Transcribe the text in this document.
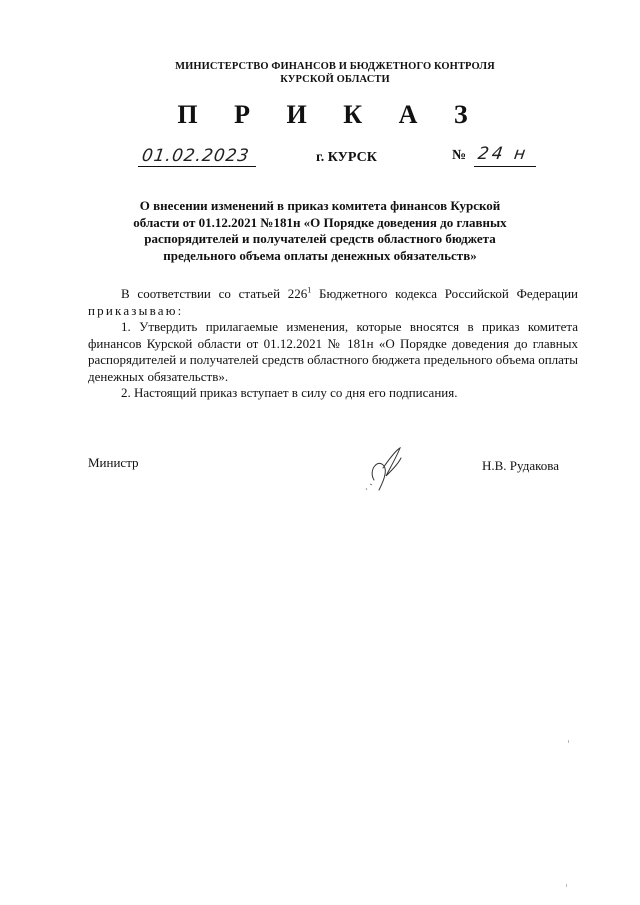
МИНИСТЕРСТВО ФИНАНСОВ И БЮДЖЕТНОГО КОНТРОЛЯ
КУРСКОЙ ОБЛАСТИ
П Р И К А З
01.02.2023	г. КУРСК	№ 24 н
О внесении изменений в приказ комитета финансов Курской
области от 01.12.2021 №181н «О Порядке доведения до главных
распорядителей и получателей средств областного бюджета
предельного объема оплаты денежных обязательств»

В соответствии со статьей $226^1$ Бюджетного кодекса Российской Федерации приказываю:

1. Утвердить прилагаемые изменения, которые вносятся в приказ комитета финансов Курской области от 01.12.2021 № 181н «О Порядке доведения до главных распорядителей и получателей средств областного бюджета предельного объема оплаты денежных обязательств».

2. Настоящий приказ вступает в силу со дня его подписания.

Министр	Н.В. Рудакова
